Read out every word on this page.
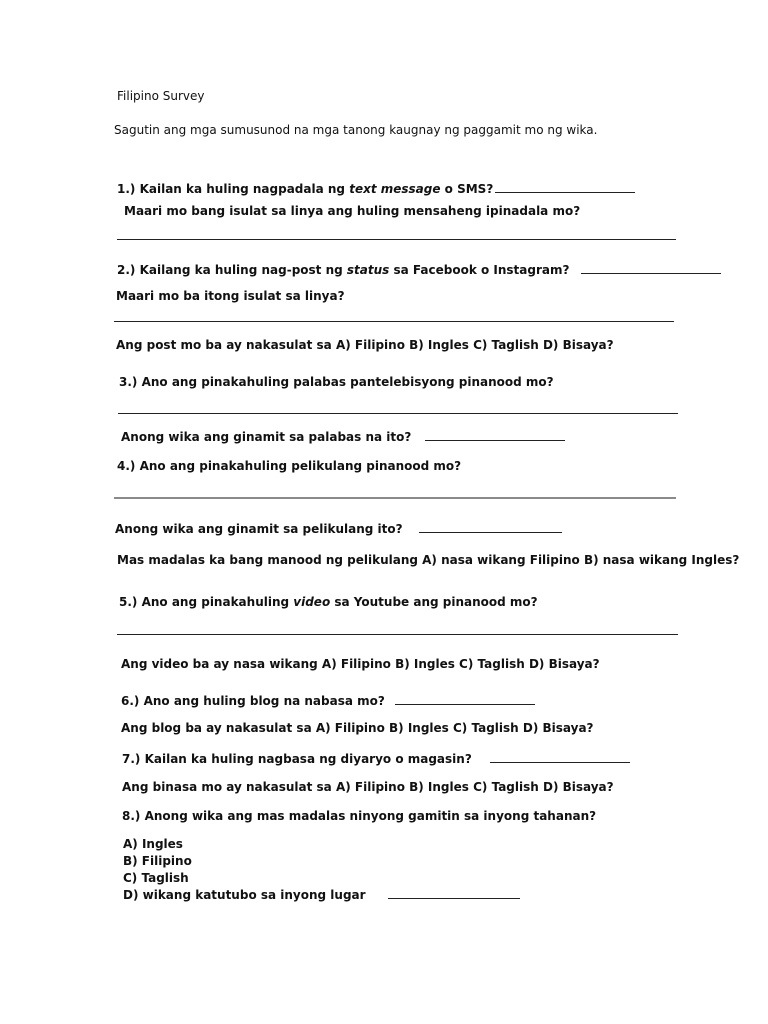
Filipino Survey
Sagutin ang mga sumusunod na mga tanong kaugnay ng paggamit mo ng wika.
1.) Kailan ka huling nagpadala ng text message o SMS?
Maari mo bang isulat sa linya ang huling mensaheng ipinadala mo?
2.) Kailang ka huling nag-post ng status sa Facebook o Instagram?
Maari mo ba itong isulat sa linya?
Ang post mo ba ay nakasulat sa A) Filipino B) Ingles C) Taglish D) Bisaya?
3.) Ano ang pinakahuling palabas pantelebisyong pinanood mo?
Anong wika ang ginamit sa palabas na ito?
4.) Ano ang pinakahuling pelikulang pinanood mo?
Anong wika ang ginamit sa pelikulang ito?
Mas madalas ka bang manood ng pelikulang A) nasa wikang Filipino B) nasa wikang Ingles?
5.) Ano ang pinakahuling video sa Youtube ang pinanood mo?
Ang video ba ay nasa wikang A) Filipino B) Ingles C) Taglish D) Bisaya?
6.) Ano ang huling blog na nabasa mo?
Ang blog ba ay nakasulat sa A) Filipino B) Ingles C) Taglish D) Bisaya?
7.) Kailan ka huling nagbasa ng diyaryo o magasin?
Ang binasa mo ay nakasulat sa A) Filipino B) Ingles C) Taglish D) Bisaya?
8.) Anong wika ang mas madalas ninyong gamitin sa inyong tahanan?
A) Ingles
B) Filipino
C) Taglish
D) wikang katutubo sa inyong lugar
